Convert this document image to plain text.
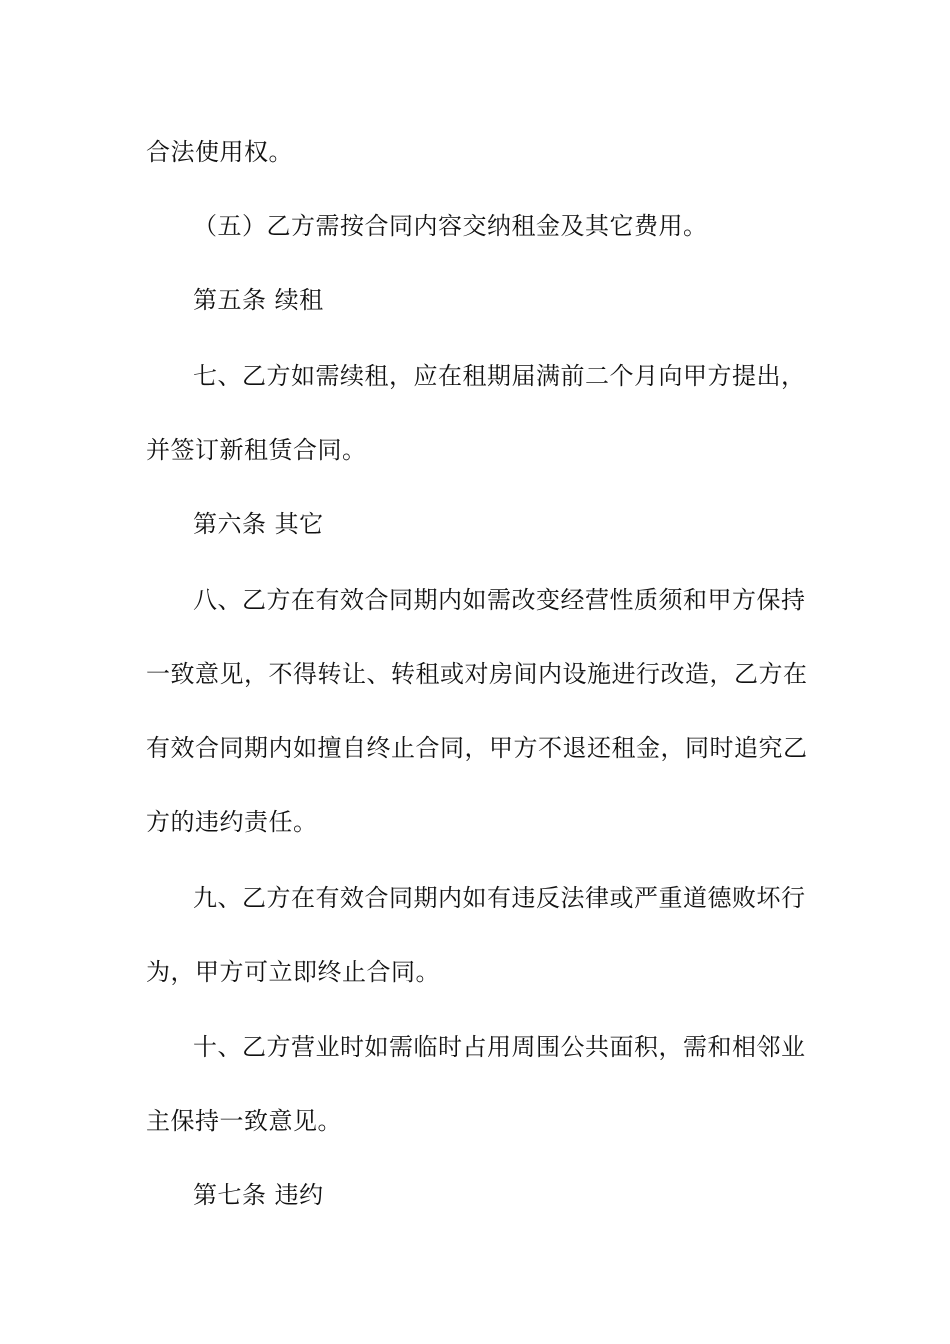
合法使用权。
（五）乙方需按合同内容交纳租金及其它费用。
第五条 续租
七、乙方如需续租，应在租期届满前二个月向甲方提出，
并签订新租赁合同。
第六条 其它
八、乙方在有效合同期内如需改变经营性质须和甲方保持
一致意见，不得转让、转租或对房间内设施进行改造，乙方在
有效合同期内如擅自终止合同，甲方不退还租金，同时追究乙
方的违约责任。
九、乙方在有效合同期内如有违反法律或严重道德败坏行
为，甲方可立即终止合同。
十、乙方营业时如需临时占用周围公共面积，需和相邻业
主保持一致意见。
第七条 违约
